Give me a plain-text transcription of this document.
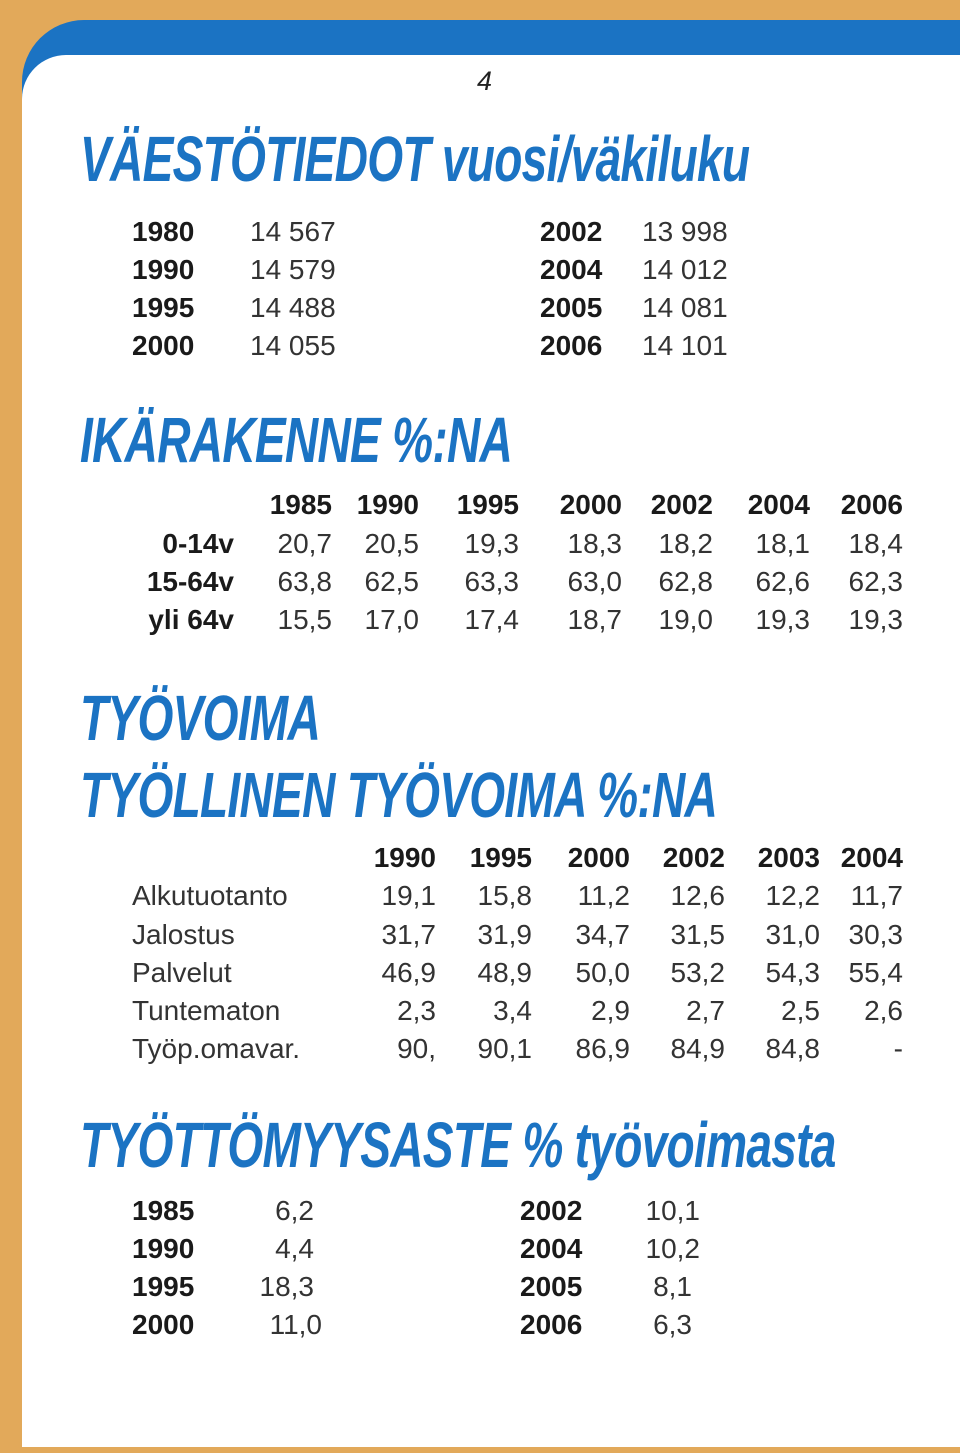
4
VÄESTÖTIEDOT vuosi/väkiluku
IKÄRAKENNE %:NA
TYÖVOIMA
TYÖLLINEN TYÖVOIMA %:NA
TYÖTTÖMYYSASTE % työvoimasta
1980 14 567
1990 14 579
1995 14 488
2000 14 055
2002 13 998
2004 14 012
2005 14 081
2006 14 101
1985 1990	1995	2000	2002	2004	2006
0-14v	20,7	20,5	19,3	18,3	18,2	18,1	18,4
15-64v	63,8	62,5	63,3	63,0	62,8	62,6	62,3
yli 64v	15,5	17,0	17,4	18,7	19,0	19,3	19,3
1990	1995	2000	2002	2003 2004
Alkutuotanto	19,1	15,8	11,2	12,6	12,2	11,7
Jalostus	31,7	31,9	34,7	31,5	31,0	30,3
Palvelut	46,9	48,9	50,0	53,2	54,3	55,4
Tuntematon	2,3	3,4	2,9	2,7	2,5	2,6
Työp.omavar.	90,	90,1	86,9	84,9	84,8	-
1985	6,2
1990	4,4
1995	18,3
2000	11,0
2002	10,1
2004	10,2
2005	8,1
2006	6,3
